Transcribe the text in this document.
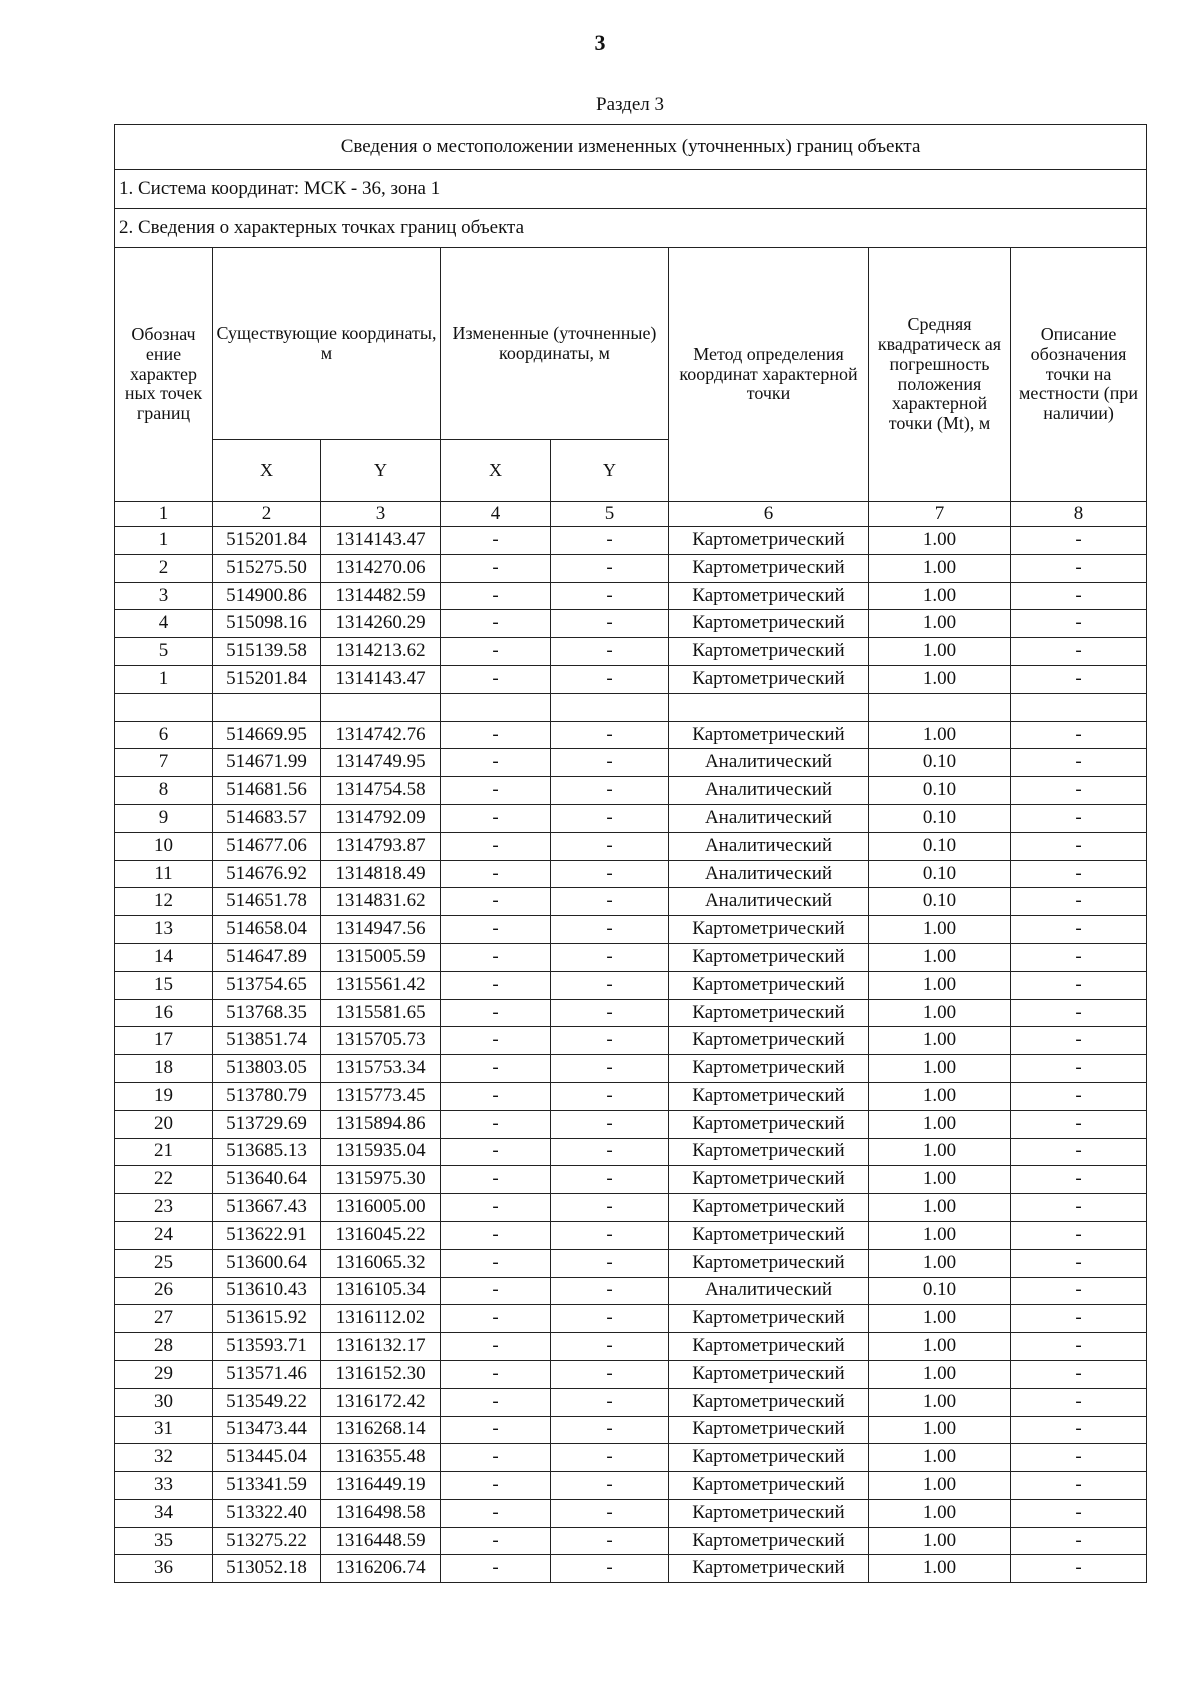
3
Раздел 3
Сведения о местоположении измененных (уточненных) границ объекта							
1. Система координат: МСК - 36, зона 1							
2. Сведения о характерных точках границ объекта							
Обознач ение характер ных точек границ	Существующие координаты, м		Измененные (уточненные) координаты, м		Метод определения координат характерной точки	Средняя квадратическ ая погрешность положения характерной точки (Mt), м	Описание обозначения точки на местности (при наличии)
	X	Y	X	Y			
1	2	3	4	5	6	7	8
1	515201.84	1314143.47	-	-	Картометрический	1.00	-
2	515275.50	1314270.06	-	-	Картометрический	1.00	-
3	514900.86	1314482.59	-	-	Картометрический	1.00	-
4	515098.16	1314260.29	-	-	Картометрический	1.00	-
5	515139.58	1314213.62	-	-	Картометрический	1.00	-
1	515201.84	1314143.47	-	-	Картометрический	1.00	-

6	514669.95	1314742.76	-	-	Картометрический	1.00	-
7	514671.99	1314749.95	-	-	Аналитический	0.10	-
8	514681.56	1314754.58	-	-	Аналитический	0.10	-
9	514683.57	1314792.09	-	-	Аналитический	0.10	-
10	514677.06	1314793.87	-	-	Аналитический	0.10	-
11	514676.92	1314818.49	-	-	Аналитический	0.10	-
12	514651.78	1314831.62	-	-	Аналитический	0.10	-
13	514658.04	1314947.56	-	-	Картометрический	1.00	-
14	514647.89	1315005.59	-	-	Картометрический	1.00	-
15	513754.65	1315561.42	-	-	Картометрический	1.00	-
16	513768.35	1315581.65	-	-	Картометрический	1.00	-
17	513851.74	1315705.73	-	-	Картометрический	1.00	-
18	513803.05	1315753.34	-	-	Картометрический	1.00	-
19	513780.79	1315773.45	-	-	Картометрический	1.00	-
20	513729.69	1315894.86	-	-	Картометрический	1.00	-
21	513685.13	1315935.04	-	-	Картометрический	1.00	-
22	513640.64	1315975.30	-	-	Картометрический	1.00	-
23	513667.43	1316005.00	-	-	Картометрический	1.00	-
24	513622.91	1316045.22	-	-	Картометрический	1.00	-
25	513600.64	1316065.32	-	-	Картометрический	1.00	-
26	513610.43	1316105.34	-	-	Аналитический	0.10	-
27	513615.92	1316112.02	-	-	Картометрический	1.00	-
28	513593.71	1316132.17	-	-	Картометрический	1.00	-
29	513571.46	1316152.30	-	-	Картометрический	1.00	-
30	513549.22	1316172.42	-	-	Картометрический	1.00	-
31	513473.44	1316268.14	-	-	Картометрический	1.00	-
32	513445.04	1316355.48	-	-	Картометрический	1.00	-
33	513341.59	1316449.19	-	-	Картометрический	1.00	-
34	513322.40	1316498.58	-	-	Картометрический	1.00	-
35	513275.22	1316448.59	-	-	Картометрический	1.00	-
36	513052.18	1316206.74	-	-	Картометрический	1.00	-
